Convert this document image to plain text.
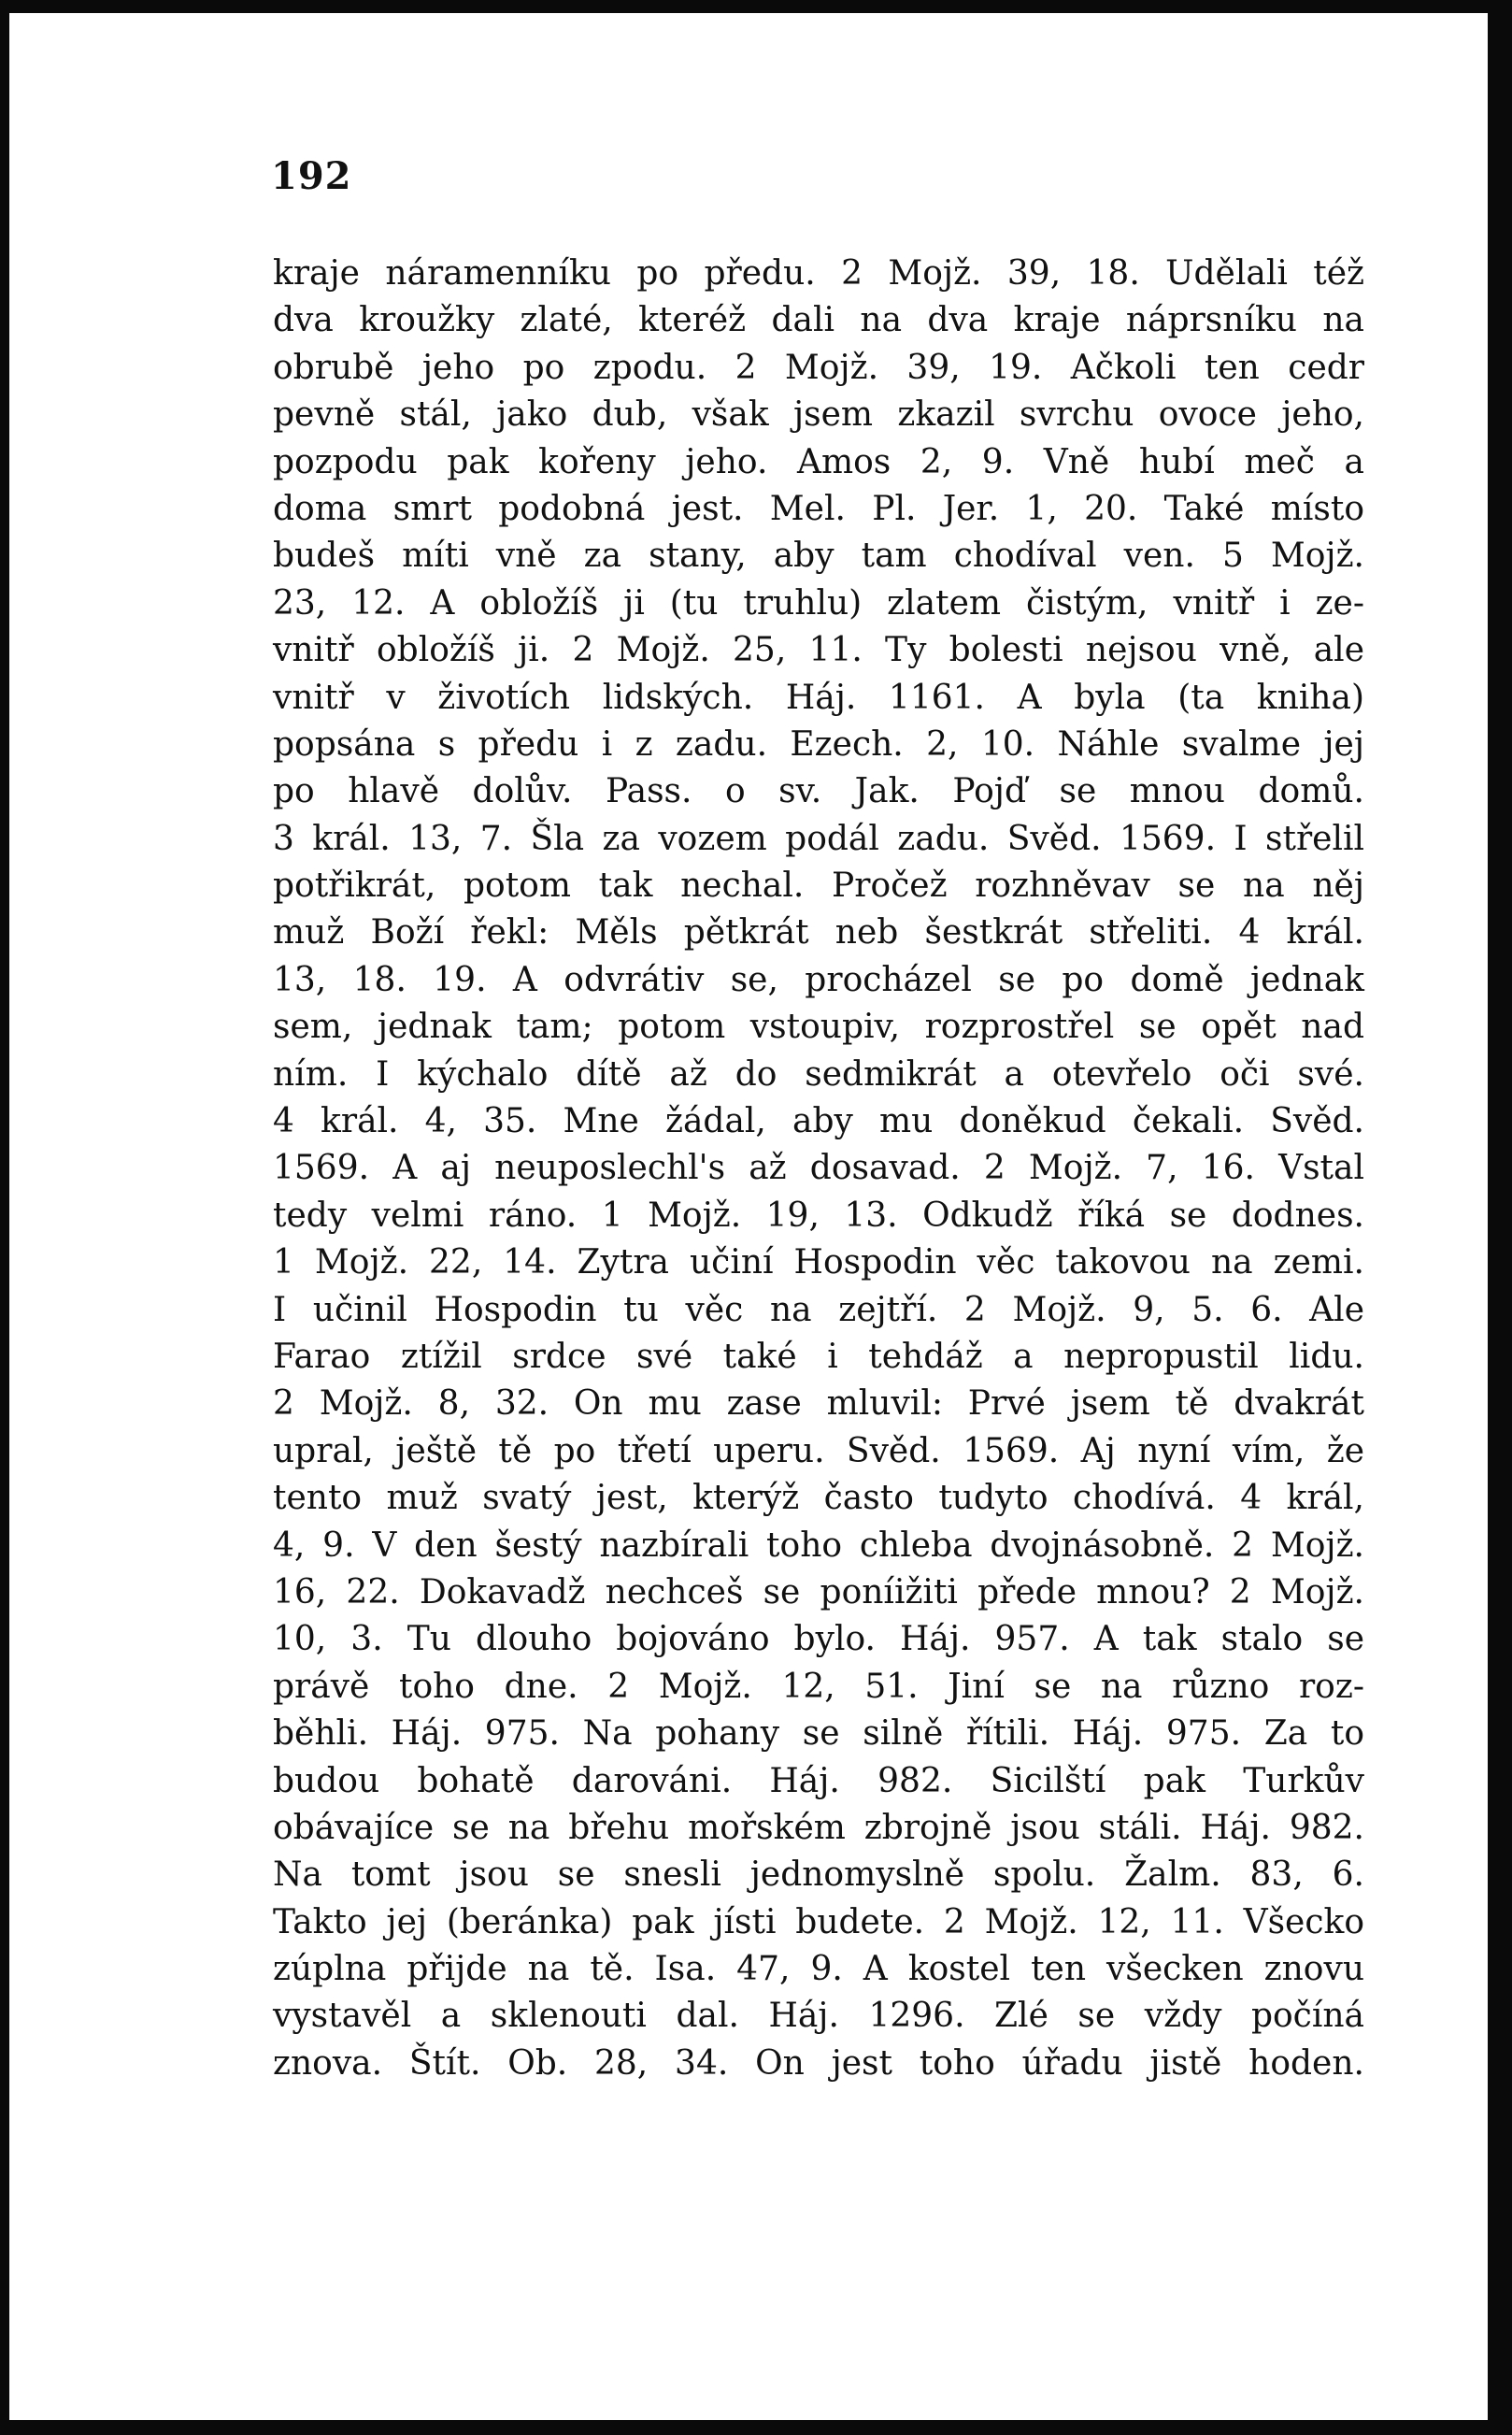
192
kraje náramenníku po předu. 2 Mojž. 39, 18. Udělali též
dva kroužky zlaté, kteréž dali na dva kraje náprsníku na
obrubě jeho po zpodu. 2 Mojž. 39, 19. Ačkoli ten cedr
pevně stál, jako dub, však jsem zkazil svrchu ovoce jeho,
pozpodu pak kořeny jeho. Amos 2, 9. Vně hubí meč a
doma smrt podobná jest. Mel. Pl. Jer. 1, 20. Také místo
budeš míti vně za stany, aby tam chodíval ven. 5 Mojž.
23, 12. A obložíš ji (tu truhlu) zlatem čistým, vnitř i ze-
vnitř obložíš ji. 2 Mojž. 25, 11. Ty bolesti nejsou vně, ale
vnitř v životích lidských. Háj. 1161. A byla (ta kniha)
popsána s předu i z zadu. Ezech. 2, 10. Náhle svalme jej
po hlavě dolův. Pass. o sv. Jak. Pojď se mnou domů.
3 král. 13, 7. Šla za vozem podál zadu. Svěd. 1569. I střelil
potřikrát, potom tak nechal. Pročež rozhněvav se na něj
muž Boží řekl: Měls pětkrát neb šestkrát střeliti. 4 král.
13, 18. 19. A odvrátiv se, procházel se po domě jednak
sem, jednak tam; potom vstoupiv, rozprostřel se opět nad
ním. I kýchalo dítě až do sedmikrát a otevřelo oči své.
4 král. 4, 35. Mne žádal, aby mu doněkud čekali. Svěd.
1569. A aj neuposlechl's až dosavad. 2 Mojž. 7, 16. Vstal
tedy velmi ráno. 1 Mojž. 19, 13. Odkudž říká se dodnes.
1 Mojž. 22, 14. Zytra učiní Hospodin věc takovou na zemi.
I učinil Hospodin tu věc na zejtří. 2 Mojž. 9, 5. 6. Ale
Farao ztížil srdce své také i tehdáž a nepropustil lidu.
2 Mojž. 8, 32. On mu zase mluvil: Prvé jsem tě dvakrát
upral, ještě tě po třetí uperu. Svěd. 1569. Aj nyní vím, že
tento muž svatý jest, kterýž často tudyto chodívá. 4 král,
4, 9. V den šestý nazbírali toho chleba dvojnásobně. 2 Mojž.
16, 22. Dokavadž nechceš se poníižiti přede mnou? 2 Mojž.
10, 3. Tu dlouho bojováno bylo. Háj. 957. A tak stalo se
právě toho dne. 2 Mojž. 12, 51. Jiní se na různo roz-
běhli. Háj. 975. Na pohany se silně řítili. Háj. 975. Za to
budou bohatě darováni. Háj. 982. Sicilští pak Turkův
obávajíce se na břehu mořském zbrojně jsou stáli. Háj. 982.
Na tomt jsou se snesli jednomyslně spolu. Žalm. 83, 6.
Takto jej (beránka) pak jísti budete. 2 Mojž. 12, 11. Všecko
zúplna přijde na tě. Isa. 47, 9. A kostel ten všecken znovu
vystavěl a sklenouti dal. Háj. 1296. Zlé se vždy počíná
znova. Štít. Ob. 28, 34. On jest toho úřadu jistě hoden.
